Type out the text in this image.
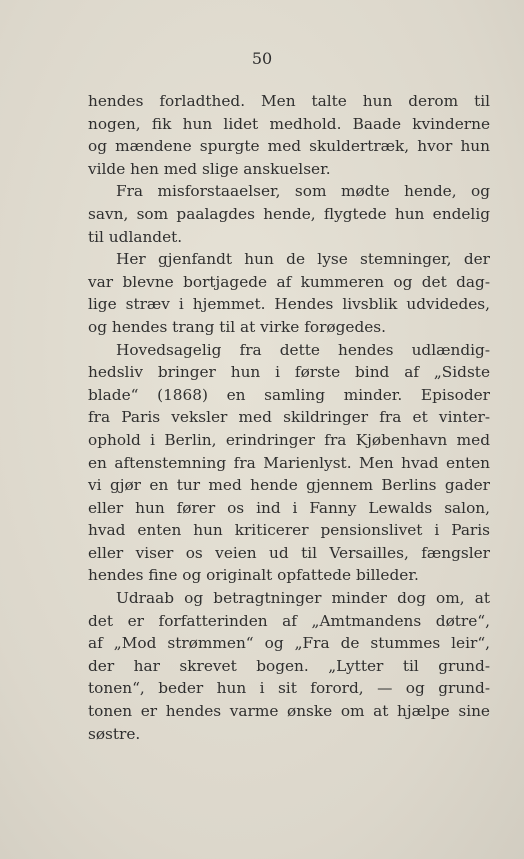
50
hendes forladthed. Men talte hun derom til
nogen, fik hun lidet medhold. Baade kvinderne
og mændene spurgte med skuldertræk, hvor hun
vilde hen med slige anskuelser.
Fra misforstaaelser, som mødte hende, og
savn, som paalagdes hende, flygtede hun endelig
til udlandet.
Her gjenfandt hun de lyse stemninger, der
var blevne bortjagede af kummeren og det dag-
lige stræv i hjemmet. Hendes livsblik udvidedes,
og hendes trang til at virke forøgedes.
Hovedsagelig fra dette hendes udlændig-
hedsliv bringer hun i første bind af „Sidste
blade“ (1868) en samling minder. Episoder
fra Paris veksler med skildringer fra et vinter-
ophold i Berlin, erindringer fra Kjøbenhavn med
en aftenstemning fra Marienlyst. Men hvad enten
vi gjør en tur med hende gjennem Berlins gader
eller hun fører os ind i Fanny Lewalds salon,
hvad enten hun kriticerer pensionslivet i Paris
eller viser os veien ud til Versailles, fængsler
hendes fine og originalt opfattede billeder.
Udraab og betragtninger minder dog om, at
det er forfatterinden af „Amtmandens døtre“,
af „Mod strømmen“ og „Fra de stummes leir“,
der har skrevet bogen. „Lytter til grund-
tonen“, beder hun i sit forord, — og grund-
tonen er hendes varme ønske om at hjælpe sine
søstre.
